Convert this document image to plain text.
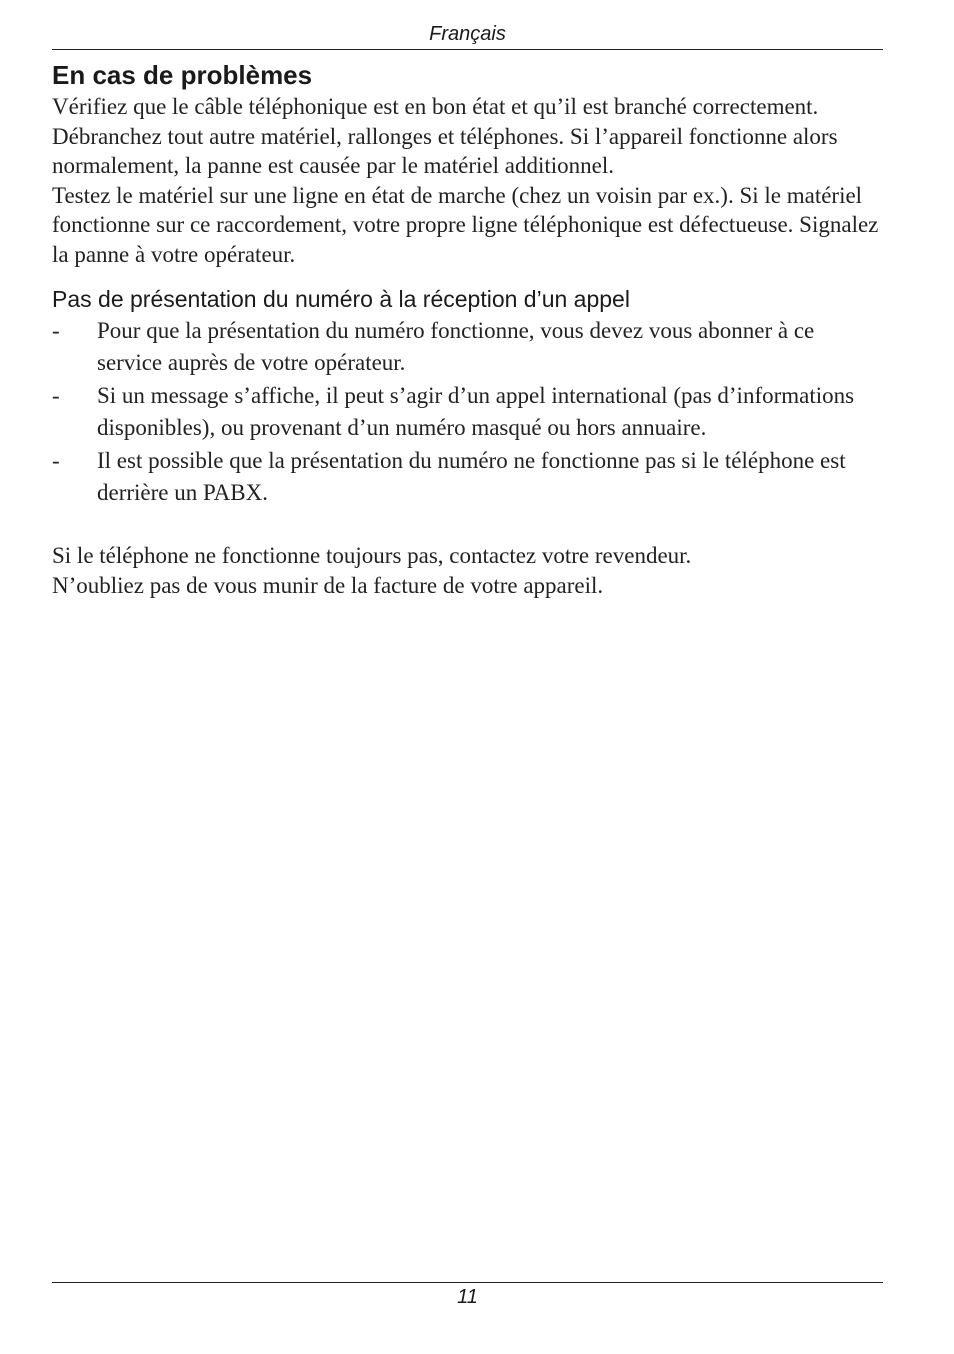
Français
En cas de problèmes

Vérifiez que le câble téléphonique est en bon état et qu’il est branché correctement. Débranchez tout autre matériel, rallonges et téléphones. Si l’appareil fonctionne alors normalement, la panne est causée par le matériel additionnel.

Testez le matériel sur une ligne en état de marche (chez un voisin par ex.). Si le matériel fonctionne sur ce raccordement, votre propre ligne téléphonique est défectueuse. Signalez la panne à votre opérateur.

Pas de présentation du numéro à la réception d’un appel
- Pour que la présentation du numéro fonctionne, vous devez vous abonner à ce service auprès de votre opérateur.
- Si un message s’affiche, il peut s’agir d’un appel international (pas d’informations disponibles), ou provenant d’un numéro masqué ou hors annuaire.
- Il est possible que la présentation du numéro ne fonctionne pas si le téléphone est derrière un PABX.

Si le téléphone ne fonctionne toujours pas, contactez votre revendeur.

N’oubliez pas de vous munir de la facture de votre appareil.

11
